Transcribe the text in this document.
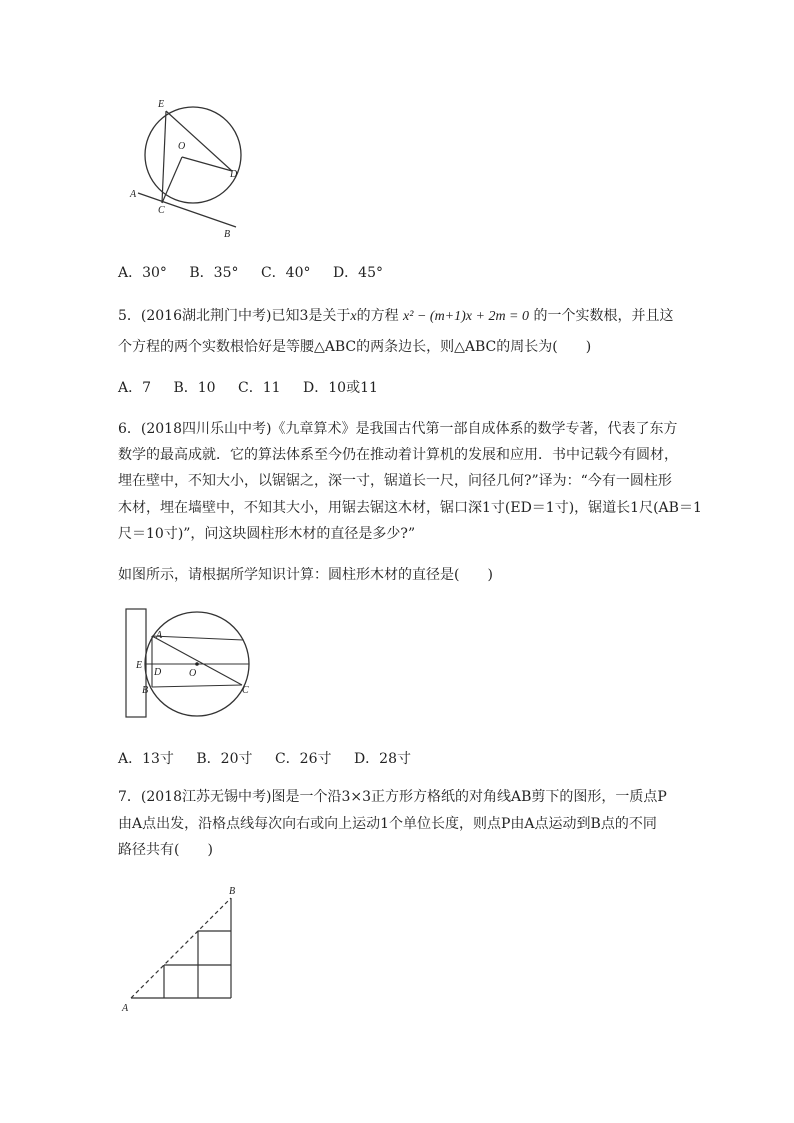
E
O
D
A
C
B
A．30° B．35° C．40° D．45°
5．(2016湖北荆门中考)已知3是关于x的方程 x² − (m+1)x + 2m = 0 的一个实数根，并且这
个方程的两个实数根恰好是等腰△ABC的两条边长，则△ABC的周长为(　　)
A．7 B．10 C．11 D．10或11
6．(2018四川乐山中考)《九章算术》是我国古代第一部自成体系的数学专著，代表了东方
数学的最高成就．它的算法体系至今仍在推动着计算机的发展和应用．书中记载今有圆材，
埋在壁中，不知大小，以锯锯之，深一寸，锯道长一尺，问径几何?”译为：“今有一圆柱形
木材，埋在墙壁中，不知其大小，用锯去锯这木材，锯口深1寸(ED＝1寸)，锯道长1尺(AB＝1
尺＝10寸)”，问这块圆柱形木材的直径是多少?”
如图所示，请根据所学知识计算：圆柱形木材的直径是(　　)
A
E
D	O
B	C
A．13寸 B．20寸 C．26寸 D．28寸
7．(2018江苏无锡中考)图是一个沿3×3正方形方格纸的对角线AB剪下的图形，一质点P
由A点出发，沿格点线每次向右或向上运动1个单位长度，则点P由A点运动到B点的不同
路径共有(　　)
A
B
